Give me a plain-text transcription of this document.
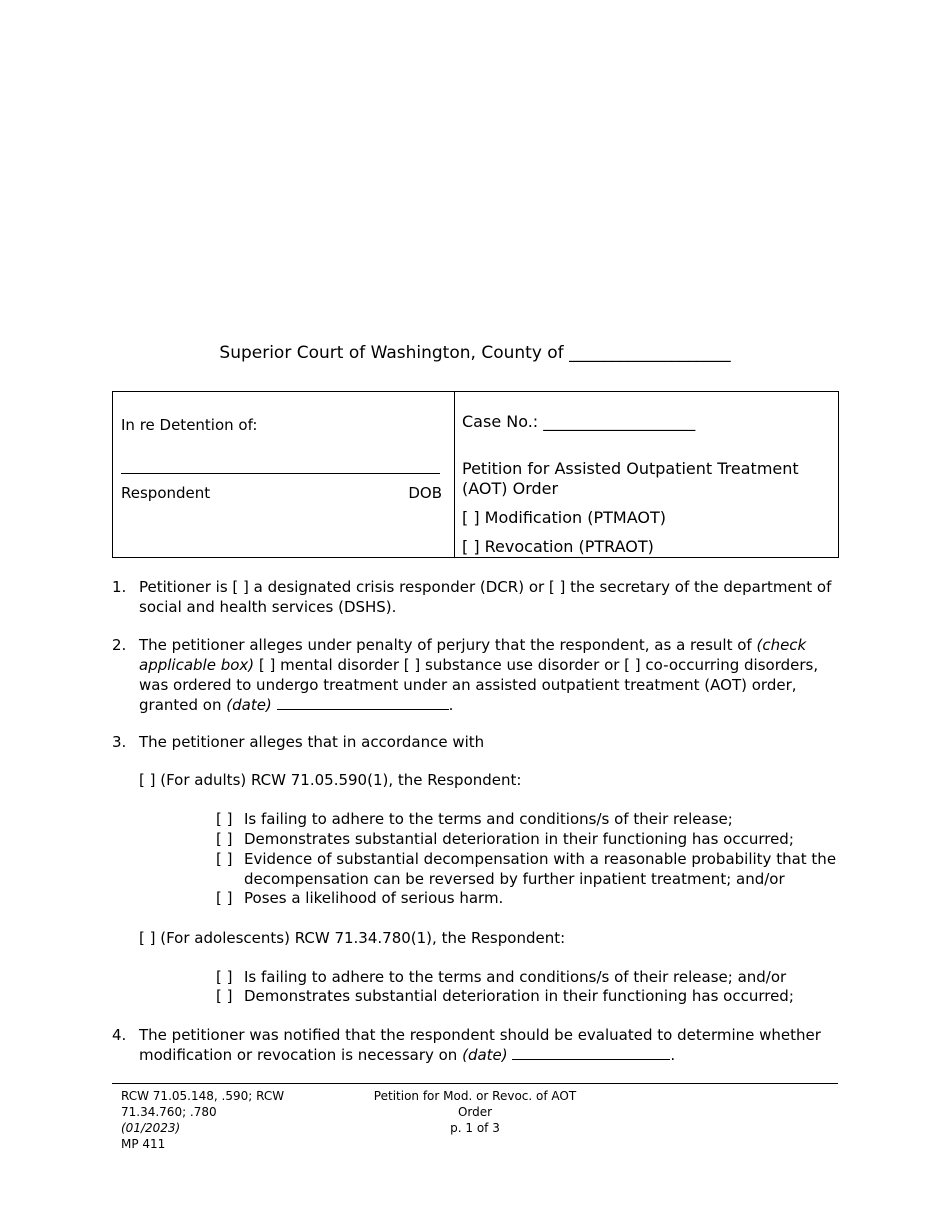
Superior Court of Washington, County of ___________________
In re Detention of:
Respondent	DOB
Case No.: ___________________
Petition for Assisted Outpatient Treatment (AOT) Order
[ ] Modification (PTMAOT)
[ ] Revocation (PTRAOT)
1. Petitioner is [ ] a designated crisis responder (DCR) or [ ] the secretary of the department of social and health services (DSHS).
2. The petitioner alleges under penalty of perjury that the respondent, as a result of (check applicable box) [ ] mental disorder [ ] substance use disorder or [ ] co-occurring disorders, was ordered to undergo treatment under an assisted outpatient treatment (AOT) order, granted on (date)	.
3. The petitioner alleges that in accordance with
[ ] (For adults) RCW 71.05.590(1), the Respondent:
[ ] Is failing to adhere to the terms and conditions/s of their release;
[ ] Demonstrates substantial deterioration in their functioning has occurred;
[ ] Evidence of substantial decompensation with a reasonable probability that the decompensation can be reversed by further inpatient treatment; and/or
[ ] Poses a likelihood of serious harm.
[ ] (For adolescents) RCW 71.34.780(1), the Respondent:
[ ] Is failing to adhere to the terms and conditions/s of their release; and/or
[ ] Demonstrates substantial deterioration in their functioning has occurred;
4. The petitioner was notified that the respondent should be evaluated to determine whether modification or revocation is necessary on (date)	.
RCW 71.05.148, .590; RCW 71.34.760; .780
(01/2023)
MP 411
Petition for Mod. or Revoc. of AOT Order
p. 1 of 3
